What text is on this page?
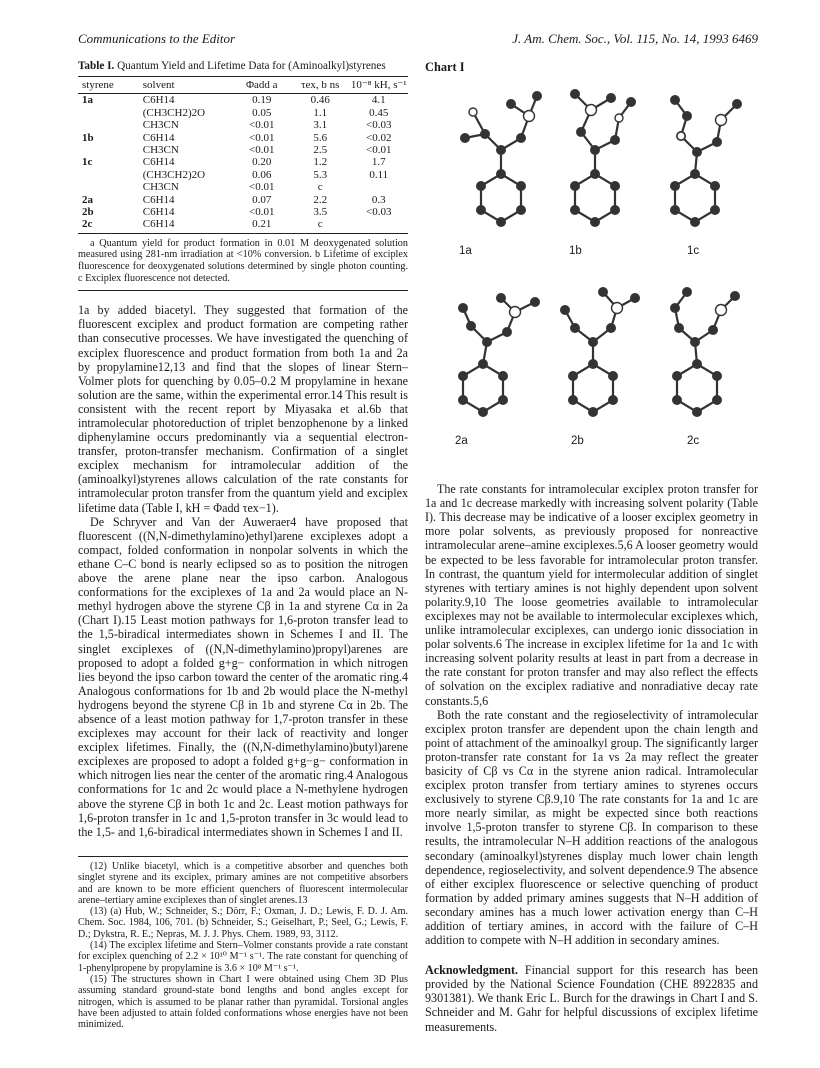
Communications to the Editor	J. Am. Chem. Soc., Vol. 115, No. 14, 1993 6469
Table I. Quantum Yield and Lifetime Data for (Aminoalkyl)styrenes
styrene	solvent	Φadd a	τex, b ns	10⁻⁸ kH, s⁻¹
1a	C6H14	0.19	0.46	4.1
	(CH3CH2)2O	0.05	1.1	0.45
	CH3CN	<0.01	3.1	<0.03
1b	C6H14	<0.01	5.6	<0.02
	CH3CN	<0.01	2.5	<0.01
1c	C6H14	0.20	1.2	1.7
	(CH3CH2)2O	0.06	5.3	0.11
	CH3CN	<0.01	c	
2a	C6H14	0.07	2.2	0.3
2b	C6H14	<0.01	3.5	<0.03
2c	C6H14	0.21	c	
a Quantum yield for product formation in 0.01 M deoxygenated solution measured using 281-nm irradiation at <10% conversion. b Lifetime of exciplex fluorescence for deoxygenated solutions determined by single photon counting. c Exciplex fluorescence not detected.

1a by added biacetyl. They suggested that formation of the fluorescent exciplex and product formation are competing rather than consecutive processes. We have investigated the quenching of exciplex fluorescence and product formation from both 1a and 2a by propylamine12,13 and find that the slopes of linear Stern–Volmer plots for quenching by 0.05–0.2 M propylamine in hexane solution are the same, within the experimental error.14 This result is consistent with the recent report by Miyasaka et al.6b that intramolecular photoreduction of triplet benzophenone by a linked diphenylamine occurs predominantly via a sequential electron-transfer, proton-transfer mechanism. Confirmation of a singlet exciplex mechanism for intramolecular addition of the (aminoalkyl)styrenes allows calculation of the rate constants for intramolecular proton transfer from the quantum yield and exciplex lifetime data (Table I, kH = Φadd τex−1).

De Schryver and Van der Auweraer4 have proposed that fluorescent ((N,N-dimethylamino)ethyl)arene exciplexes adopt a compact, folded conformation in nonpolar solvents in which the ethane C–C bond is nearly eclipsed so as to position the nitrogen above the arene plane near the ipso carbon. Analogous conformations for the exciplexes of 1a and 2a would place an N-methyl hydrogen above the styrene Cβ in 1a and styrene Cα in 2a (Chart I).15 Least motion pathways for 1,6-proton transfer lead to the 1,5-biradical intermediates shown in Schemes I and II. The singlet exciplexes of ((N,N-dimethylamino)propyl)arenes are proposed to adopt a folded g+g− conformation in which nitrogen lies beyond the ipso carbon toward the center of the aromatic ring.4 Analogous conformations for 1b and 2b would place the N-methyl hydrogens beyond the styrene Cβ in 1b and styrene Cα in 2b. The absence of a least motion pathway for 1,7-proton transfer in these exciplexes may account for their lack of reactivity and longer exciplex lifetimes. Finally, the ((N,N-dimethylamino)butyl)arene exciplexes are proposed to adopt a folded g+g−g− conformation in which nitrogen lies near the center of the aromatic ring.4 Analogous conformations for 1c and 2c would place a N-methylene hydrogen above the styrene Cβ in both 1c and 2c. Least motion pathways for 1,6-proton transfer in 1c and 1,5-proton transfer in 3c would lead to the 1,5- and 1,6-biradical intermediates shown in Schemes I and II.

(12) Unlike biacetyl, which is a competitive absorber and quenches both singlet styrene and its exciplex, primary amines are not competitive absorbers and are known to be more efficient quenchers of fluorescent intermolecular arene–tertiary amine exciplexes than of singlet arenes.13

(13) (a) Hub, W.; Schneider, S.; Dörr, F.; Oxman, J. D.; Lewis, F. D. J. Am. Chem. Soc. 1984, 106, 701. (b) Schneider, S.; Geiselhart, P.; Seel, G.; Lewis, F. D.; Dykstra, R. E.; Nepras, M. J. J. Phys. Chem. 1989, 93, 3112.

(14) The exciplex lifetime and Stern–Volmer constants provide a rate constant for exciplex quenching of 2.2 × 10¹⁰ M⁻¹ s⁻¹. The rate constant for quenching of 1-phenylpropene by propylamine is 3.6 × 10⁸ M⁻¹ s⁻¹.

(15) The structures shown in Chart I were obtained using Chem 3D Plus assuming standard ground-state bond lengths and bond angles except for nitrogen, which is assumed to be planar rather than pyramidal. Torsional angles have been adjusted to attain folded conformations whose energies have not been minimized.

Chart I
1a	1b	1c
2a	2b	2c

The rate constants for intramolecular exciplex proton transfer for 1a and 1c decrease markedly with increasing solvent polarity (Table I). This decrease may be indicative of a looser exciplex geometry in more polar solvents, as previously proposed for nonreactive intramolecular arene–amine exciplexes.5,6 A looser geometry would be expected to be less favorable for intramolecular proton transfer. In contrast, the quantum yield for intermolecular addition of singlet styrenes with tertiary amines is not highly dependent upon solvent polarity.9,10 The loose geometries available to intramolecular exciplexes may not be available to intermolecular exciplexes which, unlike intramolecular exciplexes, can undergo ionic dissociation in polar solvents.6 The increase in exciplex lifetime for 1a and 1c with increasing solvent polarity results at least in part from a decrease in the rate constant for proton transfer and may also reflect the effects of solvation on the exciplex radiative and nonradiative decay rate constants.5,6

Both the rate constant and the regioselectivity of intramolecular exciplex proton transfer are dependent upon the chain length and point of attachment of the aminoalkyl group. The significantly larger proton-transfer rate constant for 1a vs 2a may reflect the greater basicity of Cβ vs Cα in the styrene anion radical. Intramolecular exciplex proton transfer from tertiary amines to styrenes occurs exclusively to styrene Cβ.9,10 The rate constants for 1a and 1c are more nearly similar, as might be expected since both reactions involve 1,5-proton transfer to styrene Cβ. In comparison to these results, the intramolecular N–H addition reactions of the analogous secondary (aminoalkyl)styrenes display much lower chain length dependence, regioselectivity, and solvent dependence.9 The absence of either exciplex fluorescence or selective quenching of product formation by added primary amines suggests that N–H addition of secondary amines has a much lower activation energy than C–H addition of tertiary amines, in accord with the failure of C–H addition to compete with N–H addition in secondary amines.

Acknowledgment. Financial support for this research has been provided by the National Science Foundation (CHE 8922835 and 9301381). We thank Eric L. Burch for the drawings in Chart I and S. Schneider and M. Gahr for helpful discussions of exciplex lifetime measurements.
